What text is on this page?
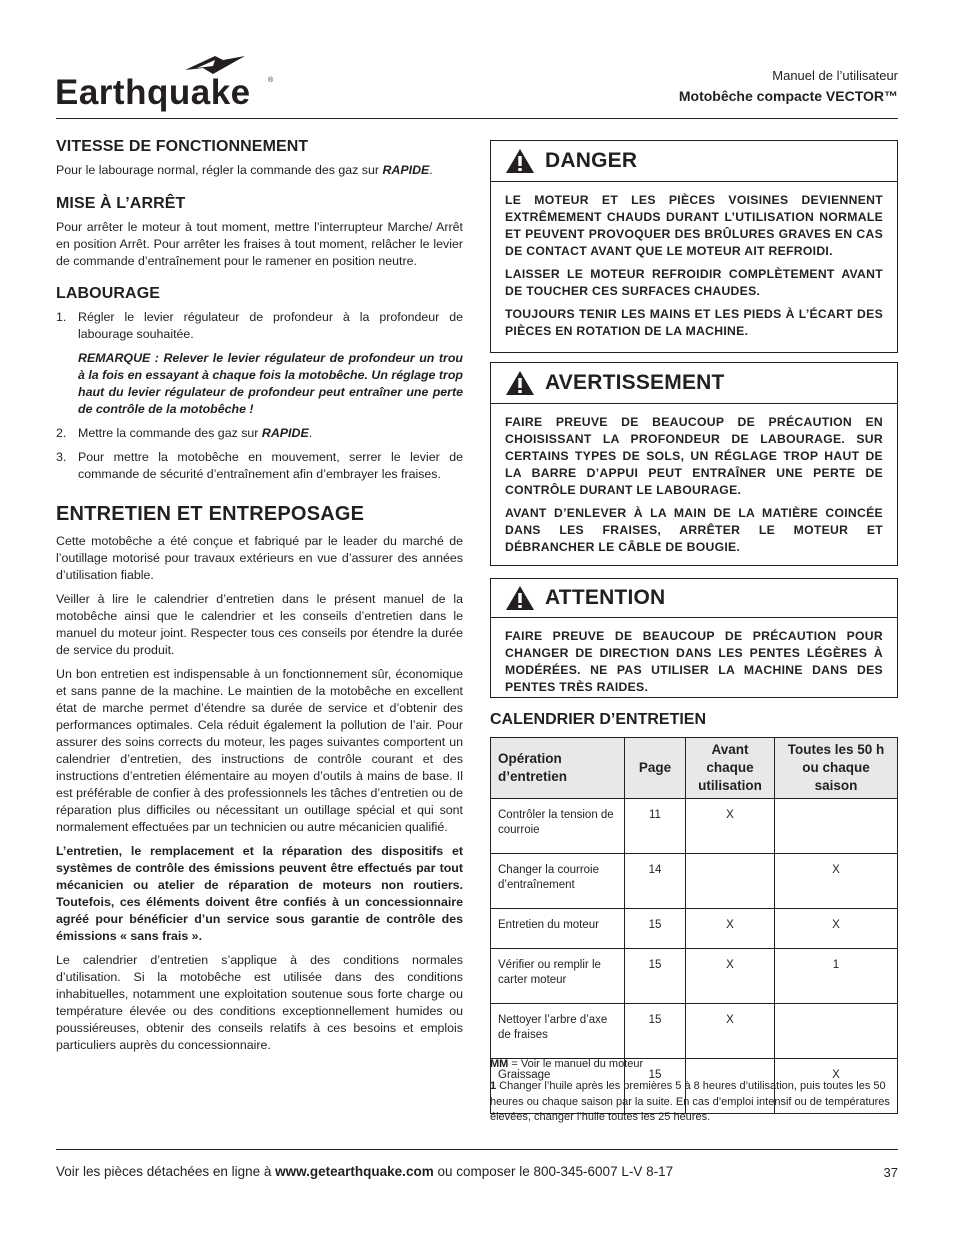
Earthquake ®	Manuel de l’utilisateur
Motobêche compacte VECTOR™
VITESSE DE FONCTIONNEMENT
Pour le labourage normal, régler la commande des gaz sur RAPIDE.
MISE À L’ARRÊT
Pour arrêter le moteur à tout moment, mettre l’interrupteur Marche/ Arrêt en position Arrêt. Pour arrêter les fraises à tout moment, relâcher le levier de commande d’entraînement pour le ramener en position neutre.
LABOURAGE
1. Régler le levier régulateur de profondeur à la profondeur de labourage souhaitée.
REMARQUE : Relever le levier régulateur de profondeur un trou à la fois en essayant à chaque fois la motobêche. Un réglage trop haut du levier régulateur de profondeur peut entraîner une perte de contrôle de la motobêche !
2. Mettre la commande des gaz sur RAPIDE.
3. Pour mettre la motobêche en mouvement, serrer le levier de commande de sécurité d’entraînement afin d’embrayer les fraises.
ENTRETIEN ET ENTREPOSAGE
Cette motobêche a été conçue et fabriqué par le leader du marché de l’outillage motorisé pour travaux extérieurs en vue d’assurer des années d’utilisation fiable.
Veiller à lire le calendrier d’entretien dans le présent manuel de la motobêche ainsi que le calendrier et les conseils d’entretien dans le manuel du moteur joint. Respecter tous ces conseils por étendre la durée de service du produit.
Un bon entretien est indispensable à un fonctionnement sûr, économique et sans panne de la machine. Le maintien de la motobêche en excellent état de marche permet d’étendre sa durée de service et d’obtenir des performances optimales. Cela réduit également la pollution de l’air. Pour assurer des soins corrects du moteur, les pages suivantes comportent un calendrier d’entretien, des instructions de contrôle courant et des instructions d’entretien élémentaire au moyen d’outils à mains de base. Il est préférable de confier à des professionnels les tâches d’entretien ou de réparation plus difficiles ou nécessitant un outillage spécial et qui sont normalement effectuées par un technicien ou autre mécanicien qualifié.
L’entretien, le remplacement et la réparation des dispositifs et systèmes de contrôle des émissions peuvent être effectués par tout mécanicien ou atelier de réparation de moteurs non routiers. Toutefois, ces éléments doivent être confiés à un concessionnaire agréé pour bénéficier d’un service sous garantie de contrôle des émissions « sans frais ».
Le calendrier d’entretien s’applique à des conditions normales d’utilisation. Si la motobêche est utilisée dans des conditions inhabituelles, notamment une exploitation soutenue sous forte charge ou température élevée ou des conditions exceptionnellement humides ou poussiéreuses, obtenir des conseils relatifs à ces besoins et emplois particuliers auprès du concessionnaire.
DANGER
LE MOTEUR ET LES PIÈCES VOISINES DEVIENNENT EXTRÊMEMENT CHAUDS DURANT L’UTILISATION NORMALE ET PEUVENT PROVOQUER DES BRÛLURES GRAVES EN CAS DE CONTACT AVANT QUE LE MOTEUR AIT REFROIDI.
LAISSER LE MOTEUR REFROIDIR COMPLÈTEMENT AVANT DE TOUCHER CES SURFACES CHAUDES.
TOUJOURS TENIR LES MAINS ET LES PIEDS À L’ÉCART DES PIÈCES EN ROTATION DE LA MACHINE.
AVERTISSEMENT
FAIRE PREUVE DE BEAUCOUP DE PRÉCAUTION EN CHOISISSANT LA PROFONDEUR DE LABOURAGE. SUR CERTAINS TYPES DE SOLS, UN RÉGLAGE TROP HAUT DE LA BARRE D’APPUI PEUT ENTRAÎNER UNE PERTE DE CONTRÔLE DURANT LE LABOURAGE.
AVANT D’ENLEVER À LA MAIN DE LA MATIÈRE COINCÉE DANS LES FRAISES, ARRÊTER LE MOTEUR ET DÉBRANCHER LE CÂBLE DE BOUGIE.
ATTENTION
FAIRE PREUVE DE BEAUCOUP DE PRÉCAUTION POUR CHANGER DE DIRECTION DANS LES PENTES LÉGÈRES À MODÉRÉES. NE PAS UTILISER LA MACHINE DANS DES PENTES TRÈS RAIDES.
CALENDRIER D’ENTRETIEN
Opération d’entretien	Page	Avant chaque utilisation	Toutes les 50 h ou chaque saison
Contrôler la tension de courroie	11	X	
Changer la courroie d’entraînement	14		X
Entretien du moteur	15	X	X
Vérifier ou remplir le carter moteur	15	X	1
Nettoyer l’arbre d’axe de fraises	15	X	
Graissage	15		X
MM = Voir le manuel du moteur
1 Changer l’huile après les premières 5 à 8 heures d’utilisation, puis toutes les 50 heures ou chaque saison par la suite. En cas d’emploi intensif ou de températures élevées, changer l’huile toutes les 25 heures.
Voir les pièces détachées en ligne à www.getearthquake.com ou composer le 800-345-6007 L-V 8-17	37
